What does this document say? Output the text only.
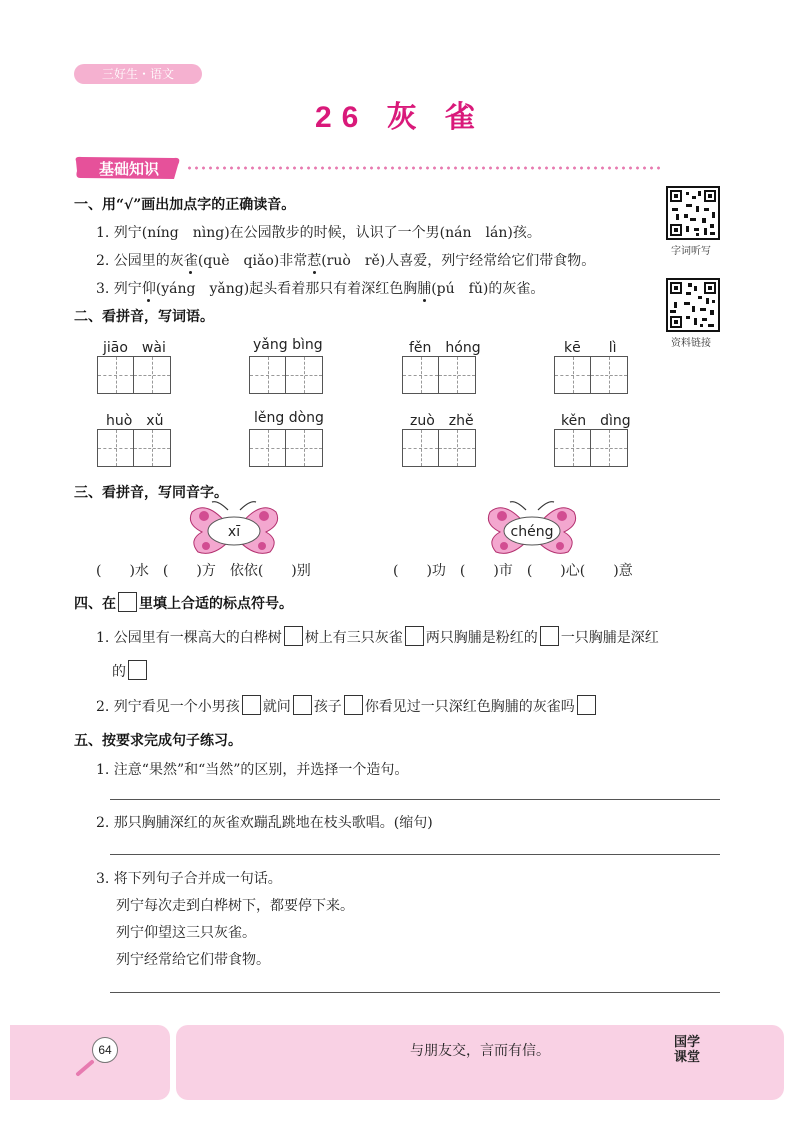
三好生・语文
26 灰 雀
基础知识
字词听写
资料链接
一、用“√”画出加点字的正确读音。
1. 列宁(níng　nìng)在公园散步的时候，认识了一个男(nán　lán)孩。
2. 公园里的灰雀(què　qiǎo)非常惹(ruò　rě)人喜爱，列宁经常给它们带食物。
3. 列宁仰(yáng　yǎng)起头看着那只有着深红色胸脯(pú　fǔ)的灰雀。
二、看拼音，写词语。
jiāo　wài	yǎng bìng	fěn　hóng	kē　　lì
huò　xǔ	lěng dòng	zuò　zhě	kěn　dìng
三、看拼音，写同音字。
xī	chéng
(　　)水　(　　)方　依依(　　)别	(　　)功　(　　)市　(　　)心(　　)意
四、在 里填上合适的标点符号。
1. 公园里有一棵高大的白桦树 树上有三只灰雀 两只胸脯是粉红的 一只胸脯是深红
的
2. 列宁看见一个小男孩 就问 孩子 你看见过一只深红色胸脯的灰雀吗
五、按要求完成句子练习。
1. 注意“果然”和“当然”的区别，并选择一个造句。
2. 那只胸脯深红的灰雀欢蹦乱跳地在枝头歌唱。(缩句)
3. 将下列句子合并成一句话。
列宁每次走到白桦树下，都要停下来。
列宁仰望这三只灰雀。
列宁经常给它们带食物。
64	与朋友交，言而有信。
国学
课堂
